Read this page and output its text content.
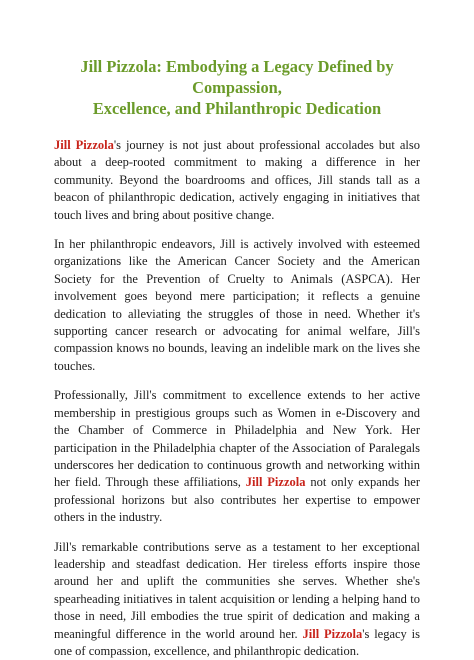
Jill Pizzola: Embodying a Legacy Defined by Compassion,
Excellence, and Philanthropic Dedication

Jill Pizzola's journey is not just about professional accolades but also about a deep-rooted commitment to making a difference in her community. Beyond the boardrooms and offices, Jill stands tall as a beacon of philanthropic dedication, actively engaging in initiatives that touch lives and bring about positive change.

In her philanthropic endeavors, Jill is actively involved with esteemed organizations like the American Cancer Society and the American Society for the Prevention of Cruelty to Animals (ASPCA). Her involvement goes beyond mere participation; it reflects a genuine dedication to alleviating the struggles of those in need. Whether it's supporting cancer research or advocating for animal welfare, Jill's compassion knows no bounds, leaving an indelible mark on the lives she touches.

Professionally, Jill's commitment to excellence extends to her active membership in prestigious groups such as Women in e-Discovery and the Chamber of Commerce in Philadelphia and New York. Her participation in the Philadelphia chapter of the Association of Paralegals underscores her dedication to continuous growth and networking within her field. Through these affiliations, Jill Pizzola not only expands her professional horizons but also contributes her expertise to empower others in the industry.

Jill's remarkable contributions serve as a testament to her exceptional leadership and steadfast dedication. Her tireless efforts inspire those around her and uplift the communities she serves. Whether she's spearheading initiatives in talent acquisition or lending a helping hand to those in need, Jill embodies the true spirit of dedication and making a meaningful difference in the world around her. Jill Pizzola's legacy is one of compassion, excellence, and philanthropic dedication.
